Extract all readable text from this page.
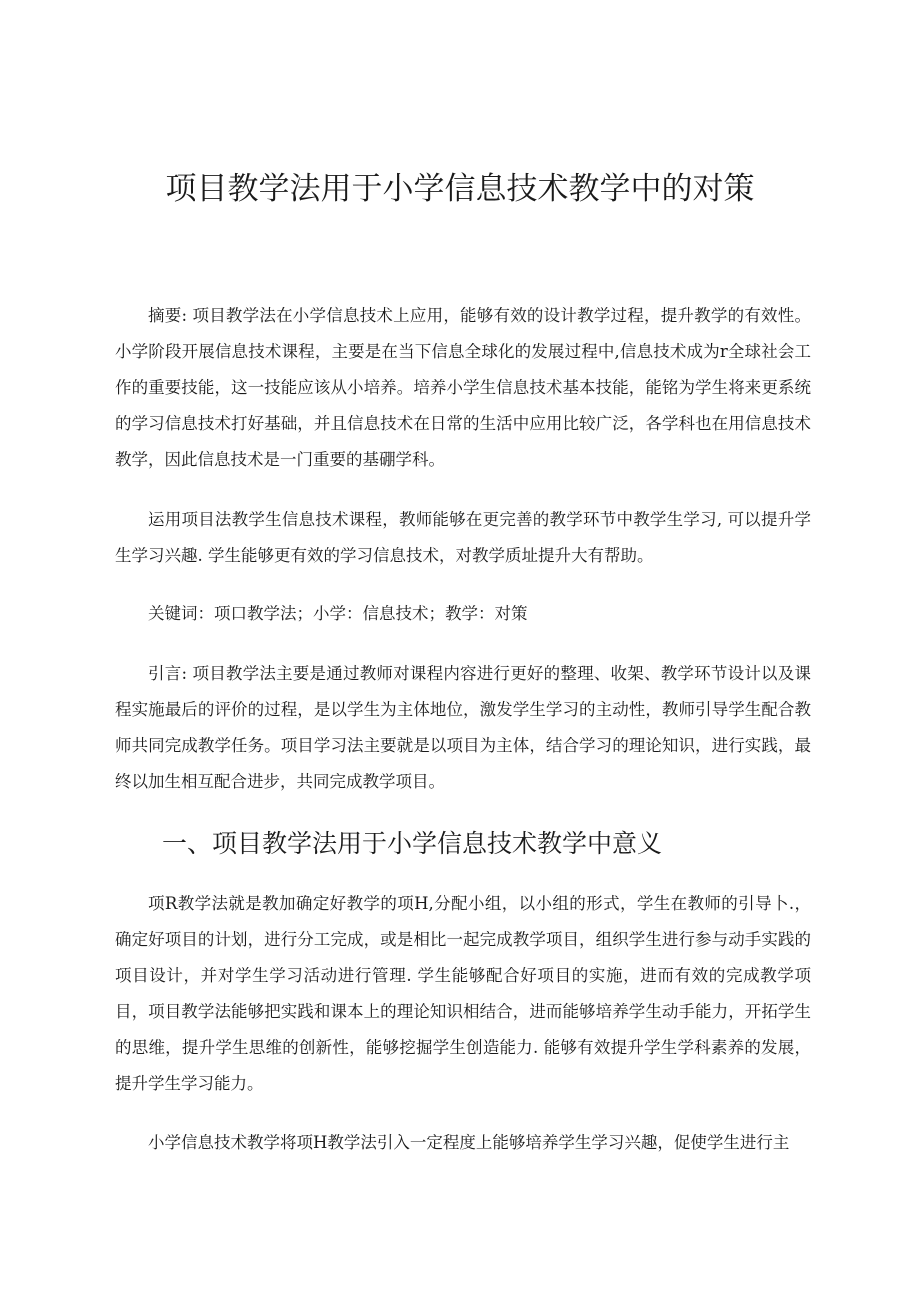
项目教学法用于小学信息技术教学中的对策

摘要: 项目教学法在小学信息技术上应用，能够有效的设计教学过程，提升教学的有效性。小学阶段开展信息技术课程，主要是在当下信息全球化的发展过程中,信息技术成为r全球社会工作的重要技能，这一技能应该从小培养。培养小学生信息技术基本技能，能铭为学生将来更系统的学习信息技术打好基础，并且信息技术在日常的生活中应用比较广泛，各学科也在用信息技术教学，因此信息技术是一门重要的基硼学科。

运用项目法教学生信息技术课程，教师能够在更完善的教学环节中教学生学习, 可以提升学生学习兴趣. 学生能够更有效的学习信息技术，对教学质址提升大有帮助。

关键词：项口教学法；小学：信息技术；教学：对策

引言: 项目教学法主要是通过教师对课程内容进行更好的整理、收架、教学环节设计以及课程实施最后的评价的过程，是以学生为主体地位，激发学生学习的主动性，教师引导学生配合教师共同完成教学任务。项目学习法主要就是以项目为主体，结合学习的理论知识，进行实践，最终以加生相互配合进步，共同完成教学项目。

一、项目教学法用于小学信息技术教学中意义

项R教学法就是教加确定好教学的项H,分配小组，以小组的形式，学生在教师的引导卜.，确定好项目的计划，进行分工完成，或是相比一起完成教学项目，组织学生进行参与动手实践的项目设计，并对学生学习活动进行管理. 学生能够配合好项目的实施，进而有效的完成教学项目，项目教学法能够把实践和课本上的理论知识相结合，进而能够培养学生动手能力，开拓学生的思维，提升学生思维的创新性，能够挖掘学生创造能力. 能够有效提升学生学科素养的发展，提升学生学习能力。

小学信息技术教学将项H教学法引入一定程度上能够培养学生学习兴趣，促使学生进行主
